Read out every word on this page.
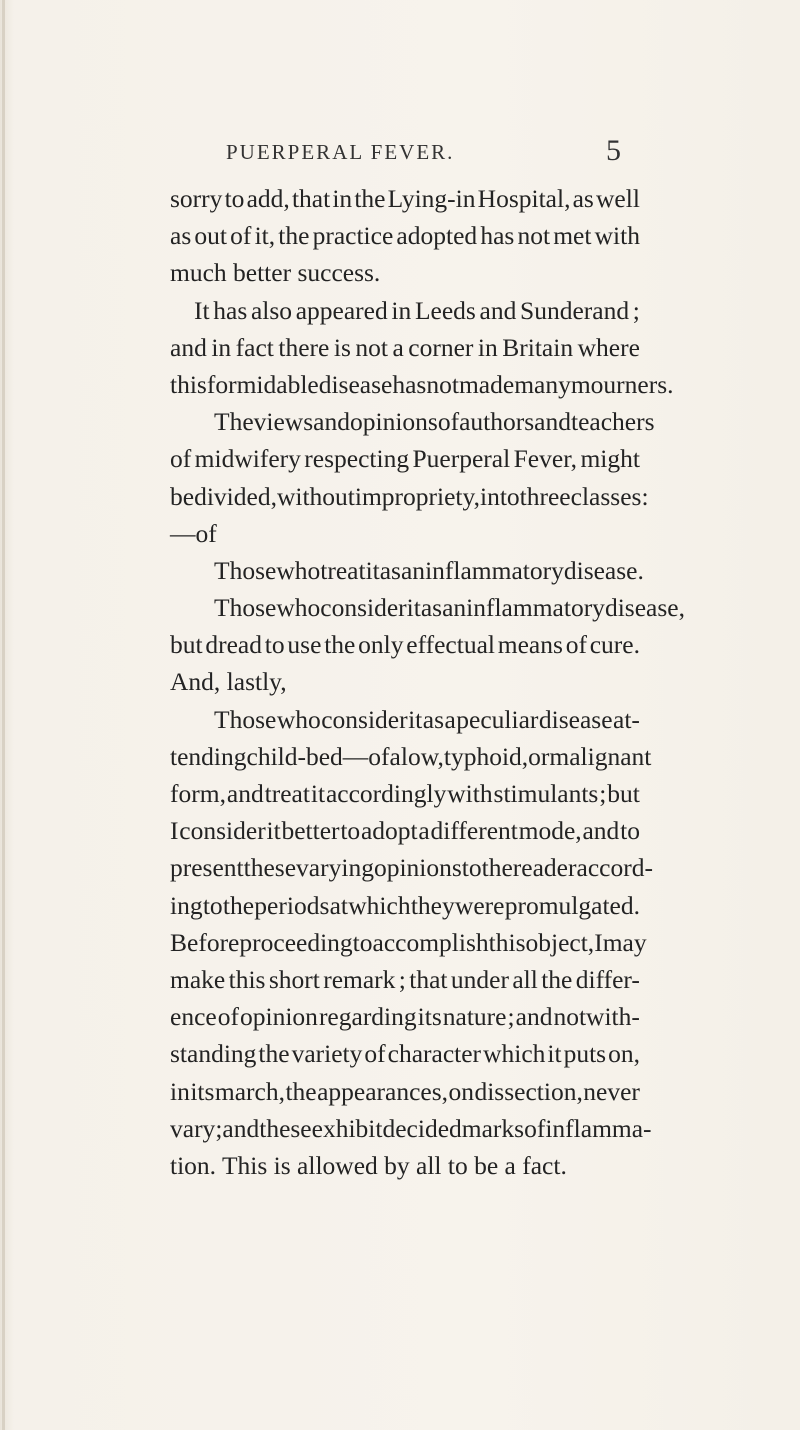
PUERPERAL FEVER.	5
sorry to add, that in the Lying-in Hospital, as well
as out of it, the practice adopted has not met with
much better success.
It has also appeared in Leeds and Sunderand ;
and in fact there is not a corner in Britain where
this formidable disease has not made many mourners.
The views and opinions of authors and teachers
of midwifery respecting Puerperal Fever, might
be divided, without impropriety, into three classes :
—of
Those who treat it as an inflammatory disease.
Those who consider it as an inflammatory disease,
but dread to use the only effectual means of cure.
And, lastly,
Those who consider it as a peculiar disease at-
tending child-bed—of a low, typhoid, or malignant
form, and treat it accordingly with stimulants ; but
I consider it better to adopt a different mode, and to
present these varying opinions to the reader accord-
ing to the periods at which they were promulgated.
Before proceeding to accomplish this object, I may
make this short remark ; that under all the differ-
ence of opinion regarding its nature ; and notwith-
standing the variety of character which it puts on,
in its march, the appearances, on dissection, never
vary ; and these exhibit decided marks of inflamma-
tion. This is allowed by all to be a fact.
